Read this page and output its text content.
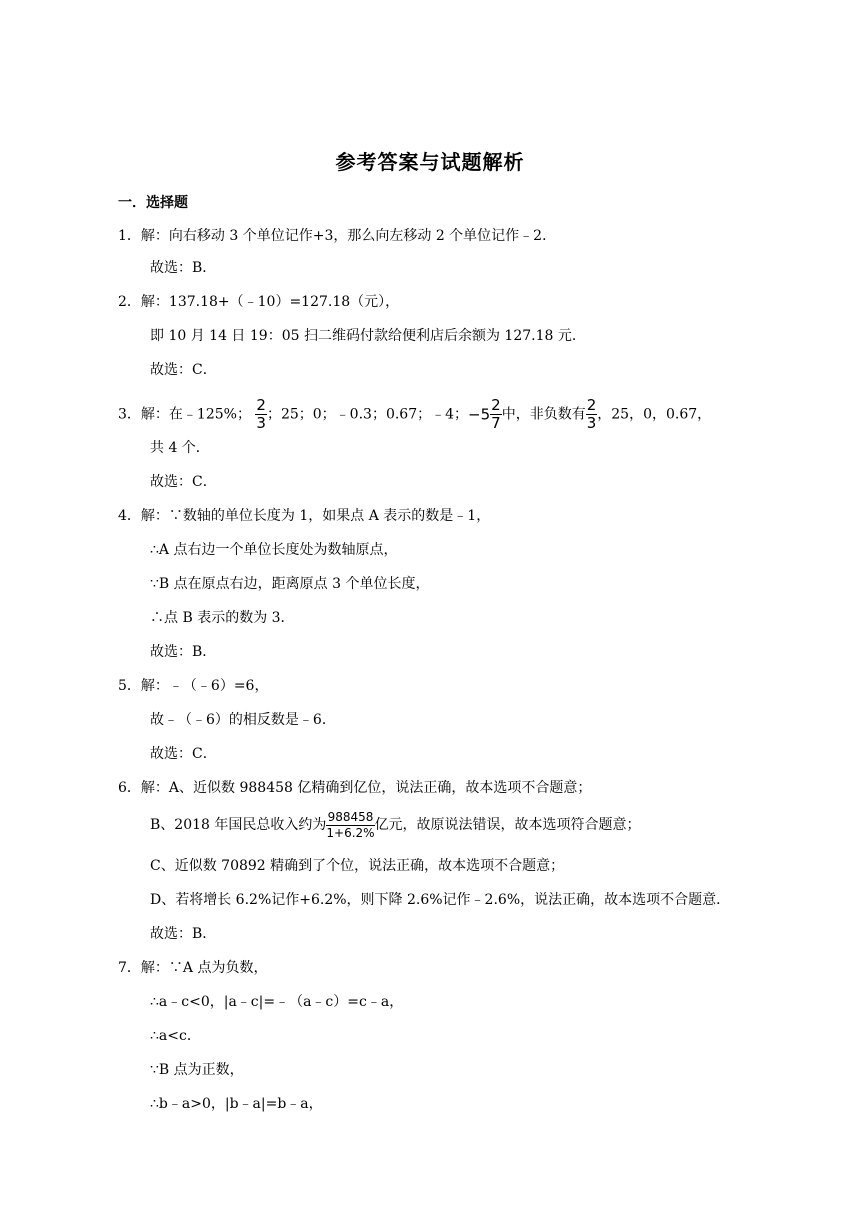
参考答案与试题解析
一．选择题
1．解：向右移动 3 个单位记作+3，那么向左移动 2 个单位记作﹣2．
故选：B．
2．解：137.18+（﹣10）=127.18（元），
即 10 月 14 日 19：05 扫二维码付款给便利店后余额为 127.18 元．
故选：C．
3．解：在﹣125%； $\frac{2}{3}$ ；25；0；﹣0.3；0.67；﹣4；$-5 \frac{2}{7}$ 中，非负数有 $\frac{2}{3}$ ，25，0，0.67，
共 4 个．
故选：C．
4．解：∵数轴的单位长度为 1，如果点 A 表示的数是﹣1，
∴A 点右边一个单位长度处为数轴原点，
∵B 点在原点右边，距离原点 3 个单位长度，
∴点 B 表示的数为 3．
故选：B．
5．解：﹣（﹣6）=6，
故﹣（﹣6）的相反数是﹣6．
故选：C．
6．解：A、近似数 988458 亿精确到亿位，说法正确，故本选项不合题意；
B、2018 年国民总收入约为$\frac{988458}{1+6.2\%}$亿元，故原说法错误，故本选项符合题意；
C、近似数 70892 精确到了个位，说法正确，故本选项不合题意；
D、若将增长 6.2%记作+6.2%，则下降 2.6%记作﹣2.6%，说法正确，故本选项不合题意．
故选：B．
7．解：∵A 点为负数，
∴a﹣c<0，|a﹣c|=﹣（a﹣c）=c﹣a，
∴a<c．
∵B 点为正数，
∴b﹣a>0，|b﹣a|=b﹣a，
